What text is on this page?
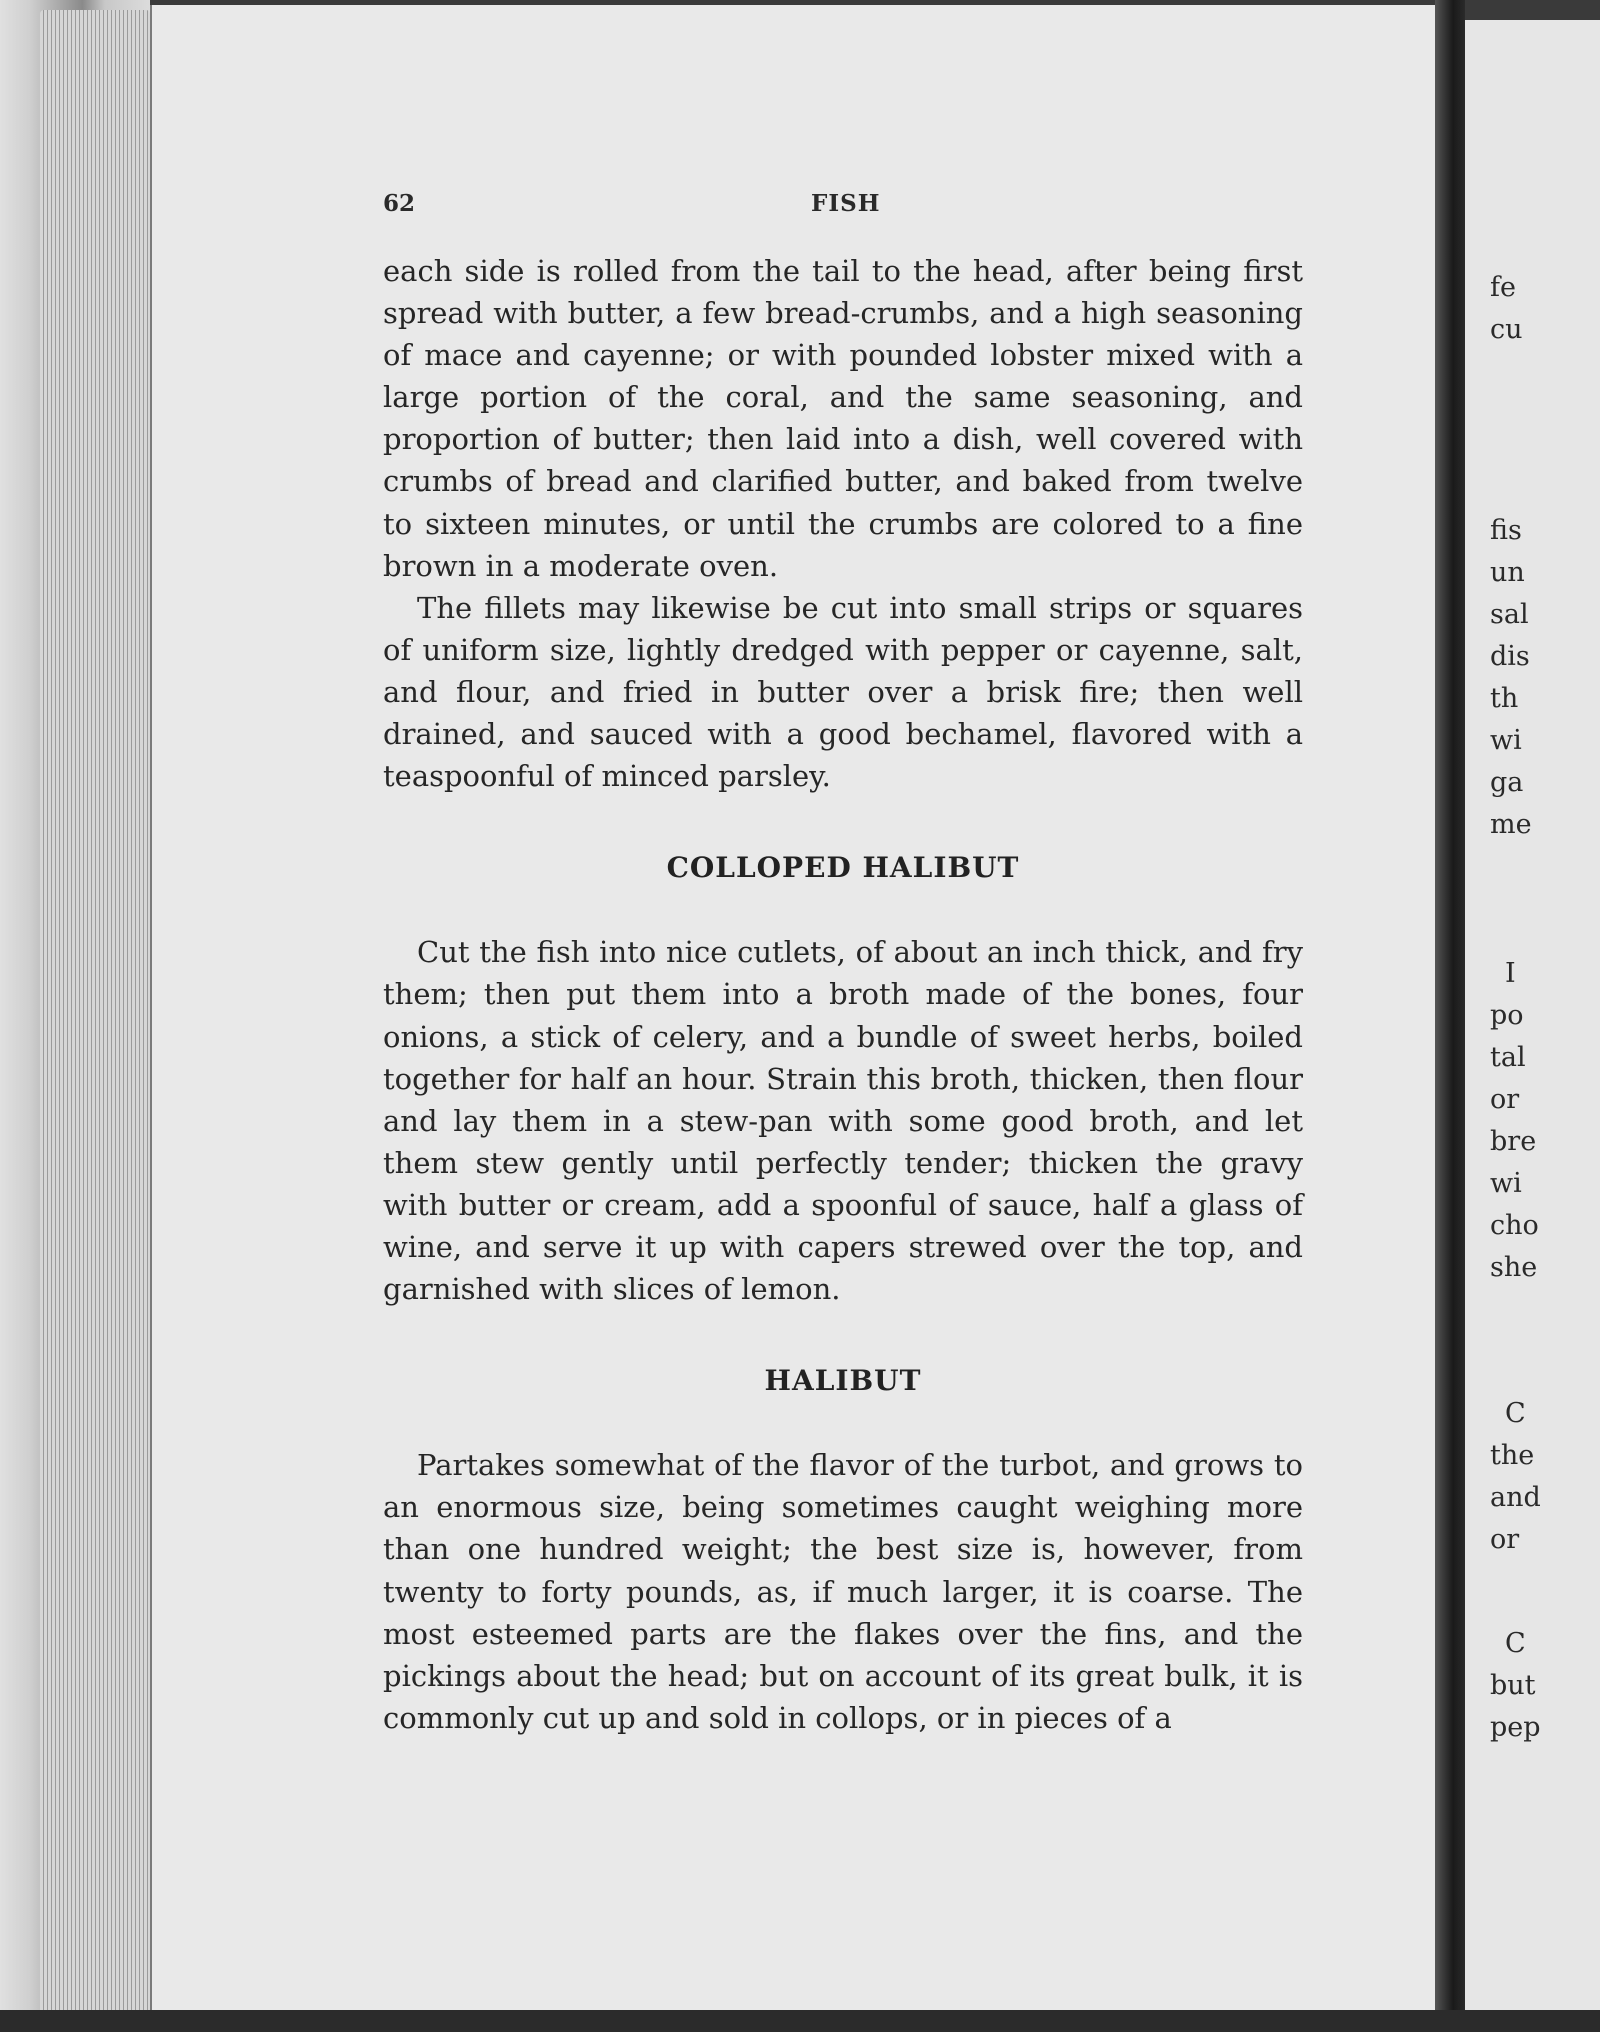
62	FISH

each side is rolled from the tail to the head, after being first spread with butter, a few bread-crumbs, and a high seasoning of mace and cayenne; or with pounded lobster mixed with a large portion of the coral, and the same seasoning, and proportion of butter; then laid into a dish, well covered with crumbs of bread and clarified butter, and baked from twelve to sixteen minutes, or until the crumbs are colored to a fine brown in a moderate oven.

The fillets may likewise be cut into small strips or squares of uniform size, lightly dredged with pepper or cayenne, salt, and flour, and fried in butter over a brisk fire; then well drained, and sauced with a good bechamel, flavored with a teaspoonful of minced parsley.

COLLOPED HALIBUT

Cut the fish into nice cutlets, of about an inch thick, and fry them; then put them into a broth made of the bones, four onions, a stick of celery, and a bundle of sweet herbs, boiled together for half an hour. Strain this broth, thicken, then flour and lay them in a stew-pan with some good broth, and let them stew gently until perfectly tender; thicken the gravy with butter or cream, add a spoonful of sauce, half a glass of wine, and serve it up with capers strewed over the top, and garnished with slices of lemon.

HALIBUT

Partakes somewhat of the flavor of the turbot, and grows to an enormous size, being sometimes caught weighing more than one hundred weight; the best size is, however, from twenty to forty pounds, as, if much larger, it is coarse. The most esteemed parts are the flakes over the fins, and the pickings about the head; but on account of its great bulk, it is commonly cut up and sold in collops, or in pieces of a

fe
cu
fis
un
sal
dis
th
wi
ga
me
I
po
tal
or
bre
wi
cho
she
C
the
and
or
C
but
pep
